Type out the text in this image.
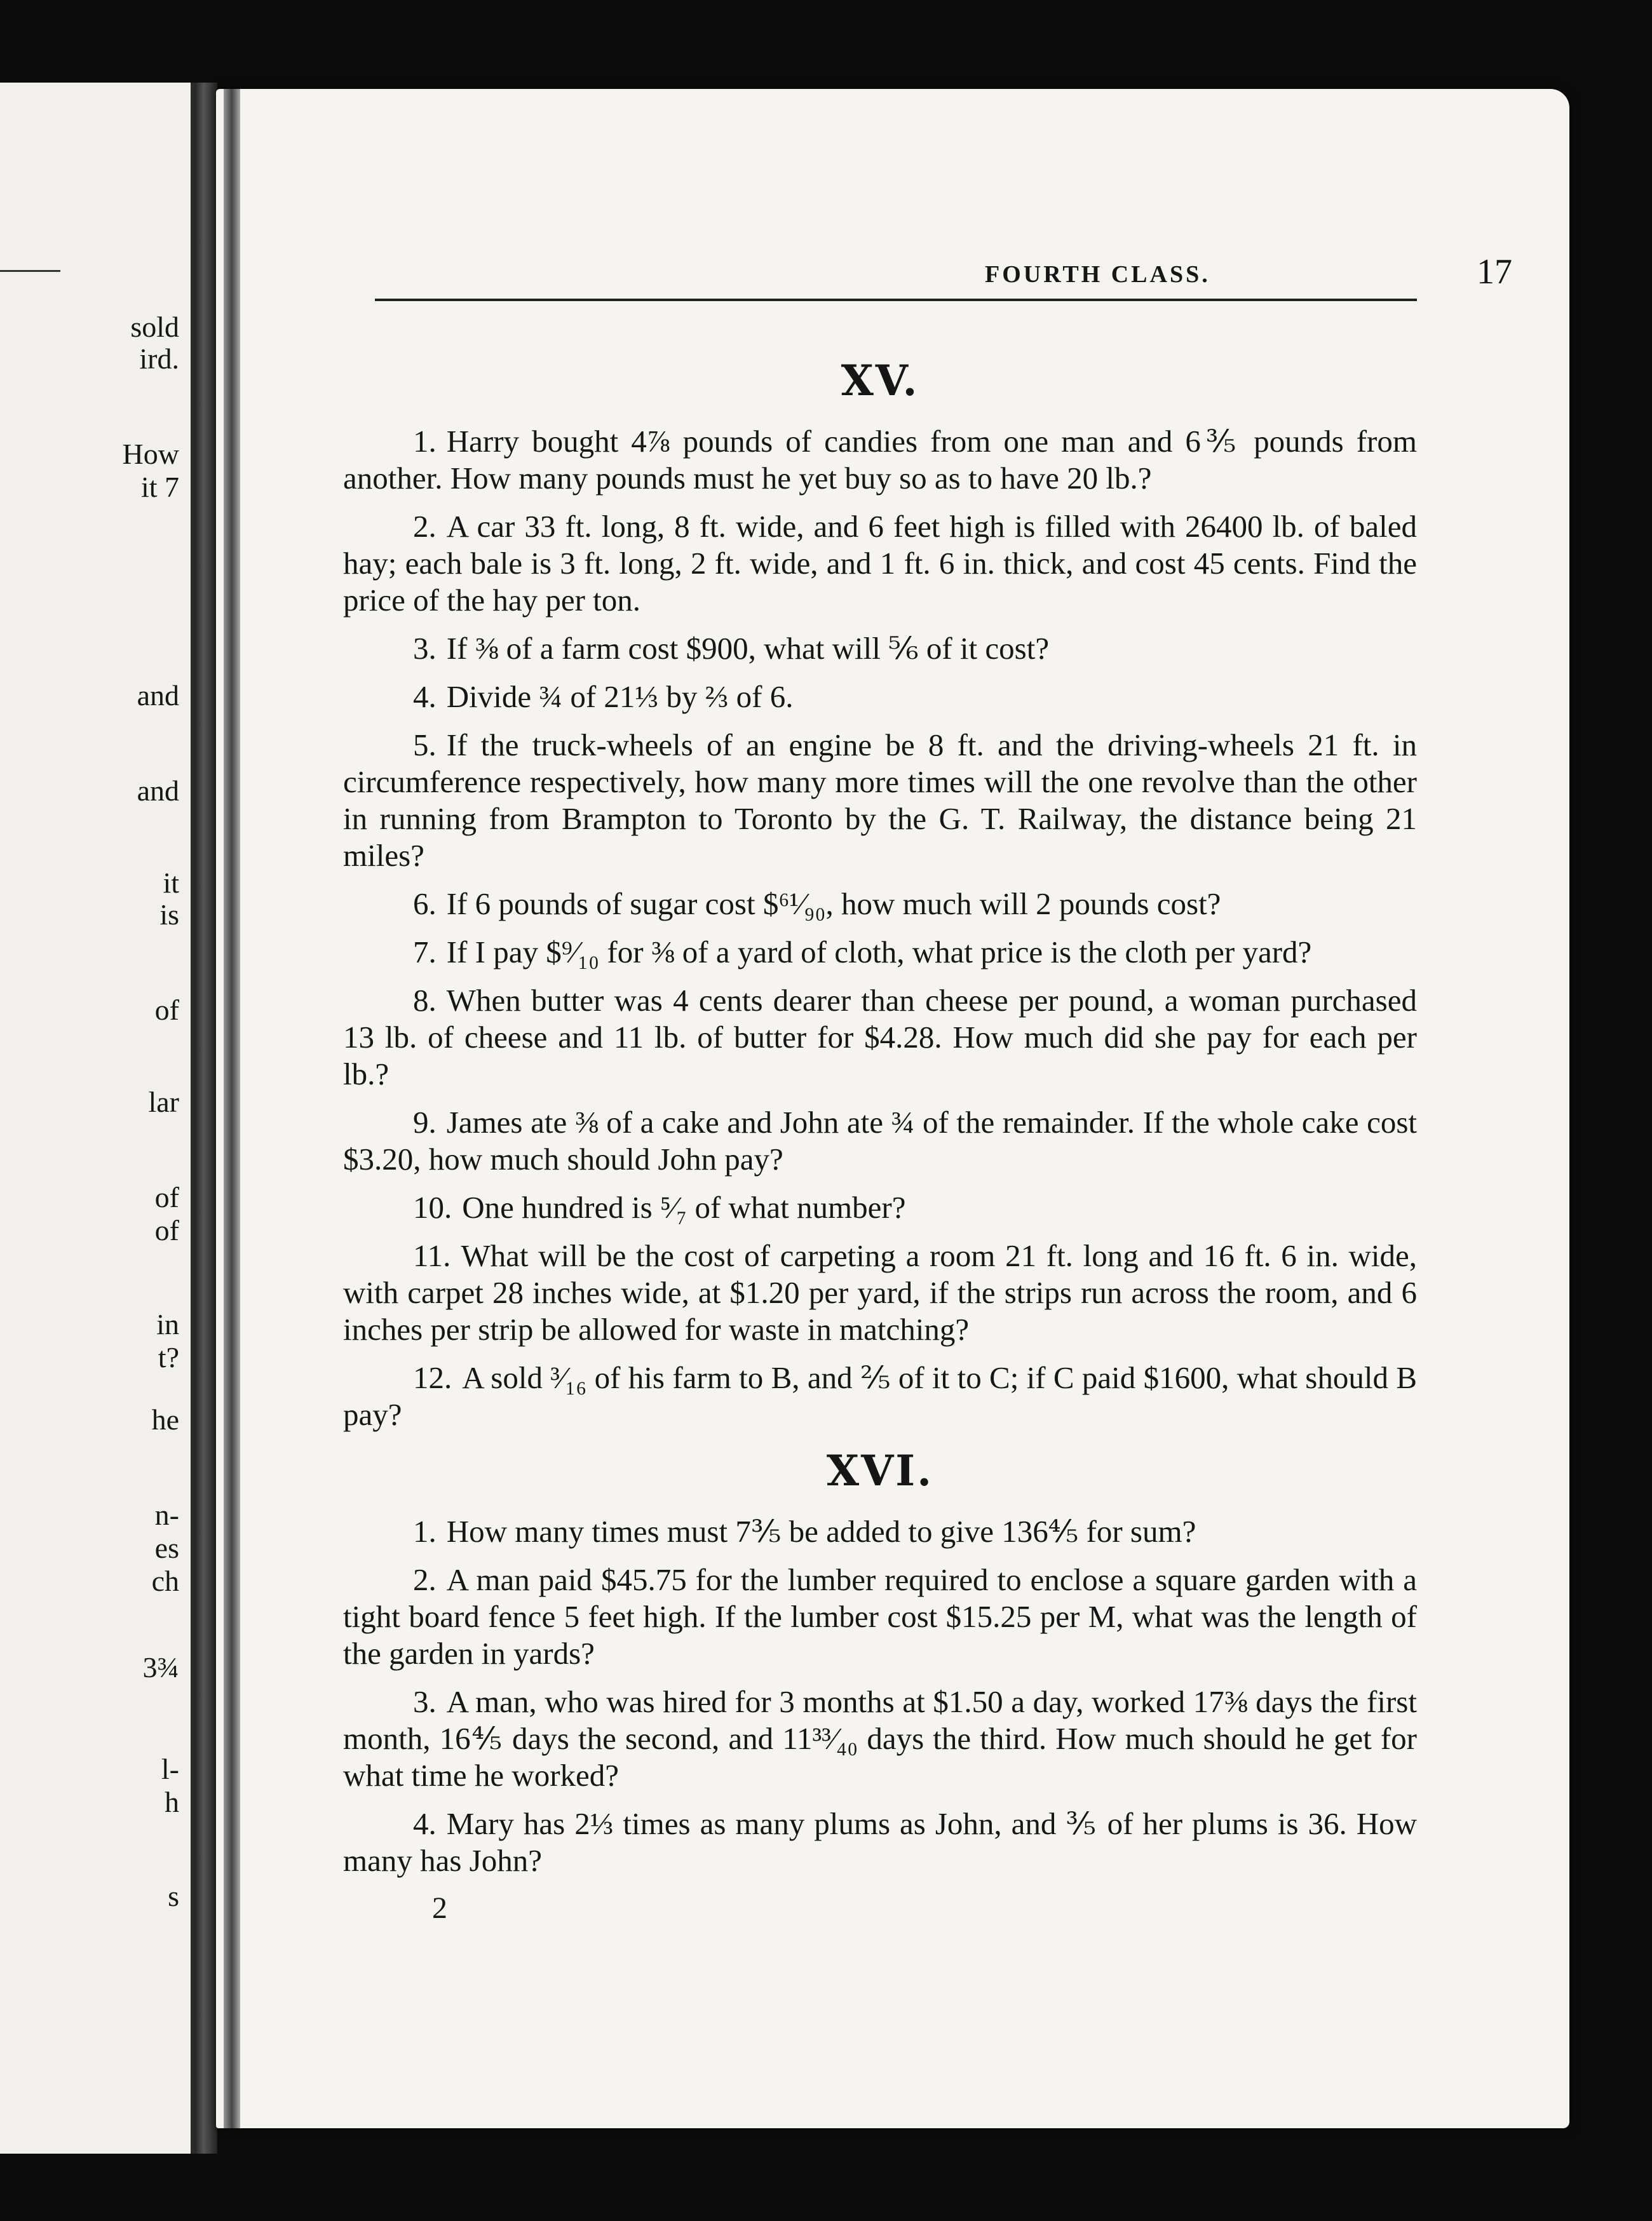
sold
ird.
How
it 7
and
and
it
is
of
lar
of
of
in
t?
he
n-
es
ch
3¾
l-
h
s
FOURTH CLASS.	17
XV.

1. Harry bought 4⅞ pounds of candies from one man and 6⅗ pounds from another. How many pounds must he yet buy so as to have 20 lb.?

2. A car 33 ft. long, 8 ft. wide, and 6 feet high is filled with 26400 lb. of baled hay; each bale is 3 ft. long, 2 ft. wide, and 1 ft. 6 in. thick, and cost 45 cents. Find the price of the hay per ton.

3. If ⅜ of a farm cost $900, what will ⅚ of it cost?

4. Divide ¾ of 21⅓ by ⅔ of 6.

5. If the truck-wheels of an engine be 8 ft. and the driving-wheels 21 ft. in circumference respectively, how many more times will the one revolve than the other in running from Brampton to Toronto by the G. T. Railway, the distance being 21 miles?

6. If 6 pounds of sugar cost $⁶¹⁄₉₀, how much will 2 pounds cost?

7. If I pay $⁹⁄₁₀ for ⅜ of a yard of cloth, what price is the cloth per yard?

8. When butter was 4 cents dearer than cheese per pound, a woman purchased 13 lb. of cheese and 11 lb. of butter for $4.28. How much did she pay for each per lb.?

9. James ate ⅜ of a cake and John ate ¾ of the remainder. If the whole cake cost $3.20, how much should John pay?

10. One hundred is ⁵⁄₇ of what number?

11. What will be the cost of carpeting a room 21 ft. long and 16 ft. 6 in. wide, with carpet 28 inches wide, at $1.20 per yard, if the strips run across the room, and 6 inches per strip be allowed for waste in matching?

12. A sold ³⁄₁₆ of his farm to B, and ⅖ of it to C; if C paid $1600, what should B pay?

XVI.

1. How many times must 7⅗ be added to give 136⅘ for sum?

2. A man paid $45.75 for the lumber required to enclose a square garden with a tight board fence 5 feet high. If the lumber cost $15.25 per M, what was the length of the garden in yards?

3. A man, who was hired for 3 months at $1.50 a day, worked 17⅜ days the first month, 16⅘ days the second, and 11³³⁄₄₀ days the third. How much should he get for what time he worked?

4. Mary has 2⅓ times as many plums as John, and ⅗ of her plums is 36. How many has John?

2
